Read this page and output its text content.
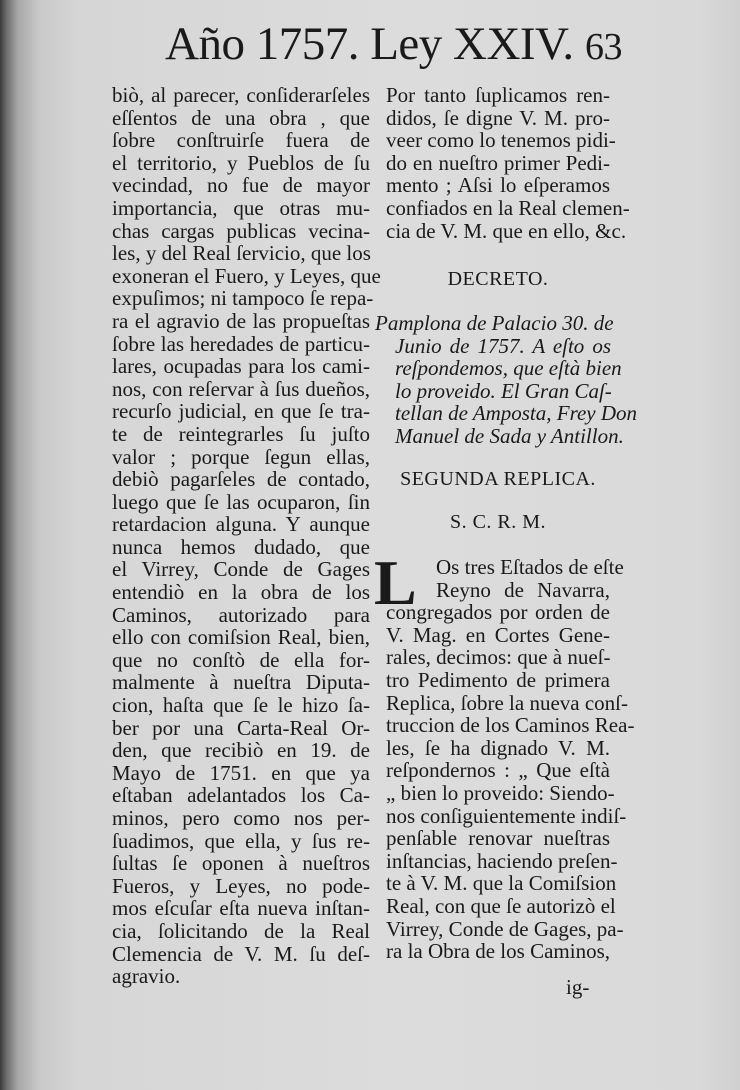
Año 1757. Ley XXIV. 63
biò, al parecer, conſiderarſeles
eſſentos de una obra , que
ſobre conſtruirſe fuera de
el territorio, y Pueblos de ſu
vecindad, no fue de mayor
importancia, que otras mu-
chas cargas publicas vecina-
les, y del Real ſervicio, que los
exoneran el Fuero, y Leyes, que
expuſimos; ni tampoco ſe repa-
ra el agravio de las propueſtas
ſobre las heredades de particu-
lares, ocupadas para los cami-
nos, con reſervar à ſus dueños,
recurſo judicial, en que ſe tra-
te de reintegrarles ſu juſto
valor ; porque ſegun ellas,
debiò pagarſeles de contado,
luego que ſe las ocuparon, ſin
retardacion alguna. Y aunque
nunca hemos dudado, que
el Virrey, Conde de Gages
entendiò en la obra de los
Caminos, autorizado para
ello con comiſsion Real, bien,
que no conſtò de ella for-
malmente à nueſtra Diputa-
cion, haſta que ſe le hizo ſa-
ber por una Carta-Real Or-
den, que recibiò en 19. de
Mayo de 1751. en que ya
eſtaban adelantados los Ca-
minos, pero como nos per-
ſuadimos, que ella, y ſus re-
ſultas ſe oponen à nueſtros
Fueros, y Leyes, no pode-
mos eſcuſar eſta nueva inſtan-
cia, ſolicitando de la Real
Clemencia de V. M. ſu deſ-
agravio.
Por tanto ſuplicamos ren-
didos, ſe digne V. M. pro-
veer como lo tenemos pidi-
do en nueſtro primer Pedi-
mento ; Aſsi lo eſperamos
confiados en la Real clemen-
cia de V. M. que en ello, &c.
DECRETO.
Pamplona de Palacio 30. de
Junio de 1757. A eſto os
reſpondemos, que eſtà bien
lo proveido. El Gran Caſ-
tellan de Amposta, Frey Don
Manuel de Sada y Antillon.
SEGUNDA REPLICA.
S. C. R. M.
L Os tres Eſtados de eſte
Reyno de Navarra,
congregados por orden de
V. Mag. en Cortes Gene-
rales, decimos: que à nueſ-
tro Pedimento de primera
Replica, ſobre la nueva conſ-
truccion de los Caminos Rea-
les, ſe ha dignado V. M.
reſpondernos : „ Que eſtà
„ bien lo proveido: Siendo-
nos conſiguientemente indiſ-
penſable renovar nueſtras
inſtancias, haciendo preſen-
te à V. M. que la Comiſsion
Real, con que ſe autorizò el
Virrey, Conde de Gages, pa-
ra la Obra de los Caminos,
ig-
